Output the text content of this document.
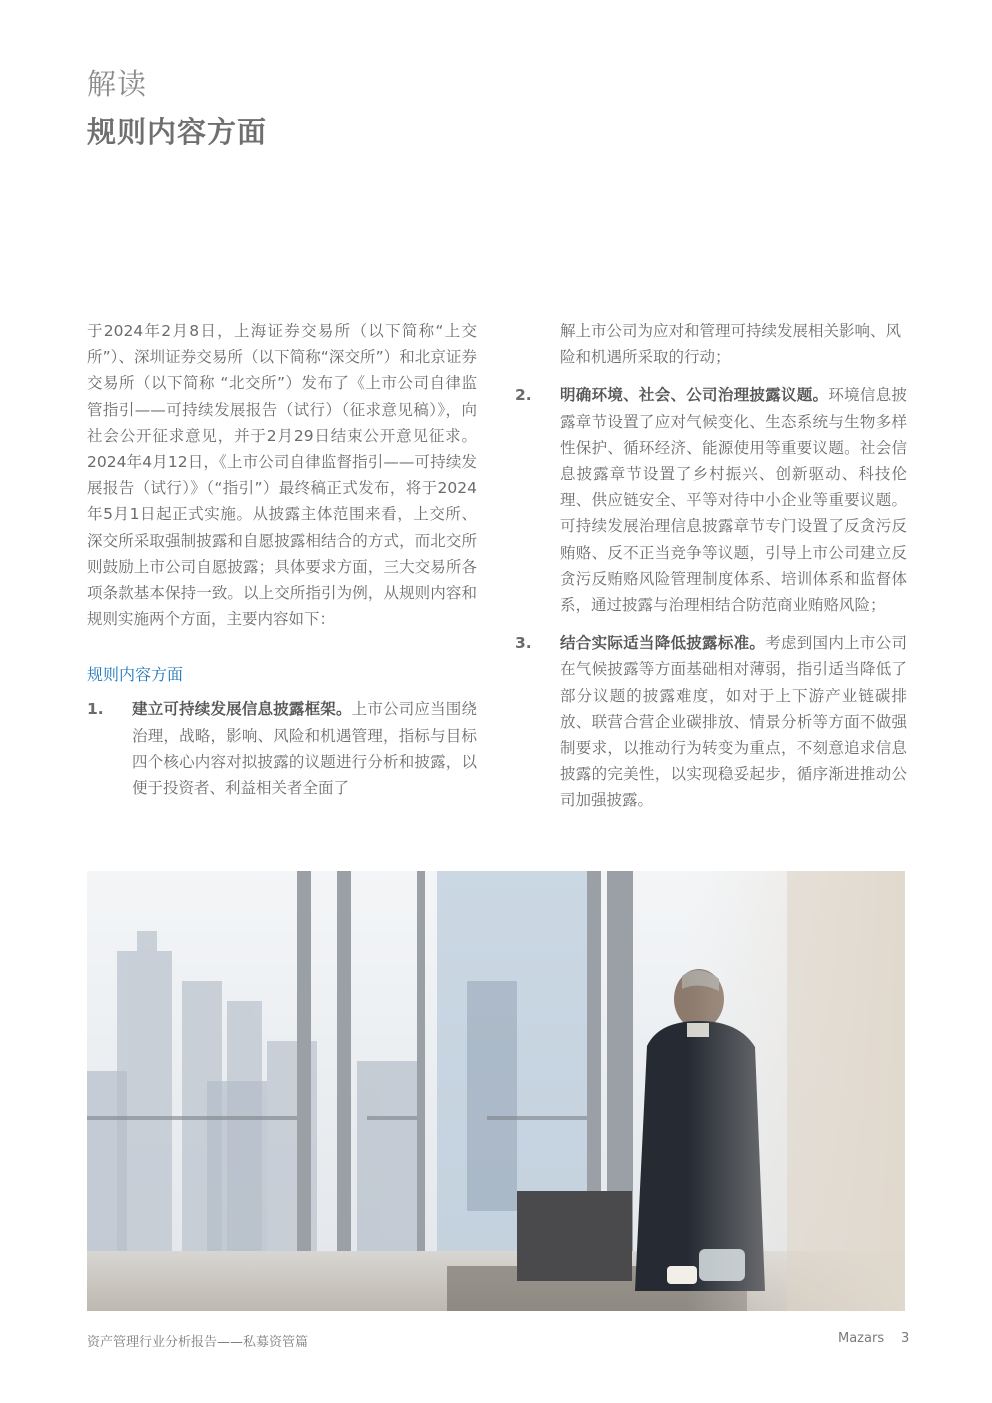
解读
规则内容方面

于2024年2月8日，上海证券交易所（以下简称“上交所”）、深圳证券交易所（以下简称“深交所”）和北京证券交易所（以下简称 “北交所”）发布了《上市公司自律监管指引——可持续发展报告（试行）（征求意见稿）》，向社会公开征求意见，并于2月29日结束公开意见征求。2024年4月12日，《上市公司自律监督指引——可持续发展报告（试行）》（“指引”）最终稿正式发布，将于2024年5月1日起正式实施。从披露主体范围来看，上交所、深交所采取强制披露和自愿披露相结合的方式，而北交所则鼓励上市公司自愿披露；具体要求方面，三大交易所各项条款基本保持一致。以上交所指引为例，从规则内容和规则实施两个方面，主要内容如下：

规则内容方面
1.	建立可持续发展信息披露框架。上市公司应当围绕治理，战略，影响、风险和机遇管理，指标与目标四个核心内容对拟披露的议题进行分析和披露，以便于投资者、利益相关者全面了

解上市公司为应对和管理可持续发展相关影响、风险和机遇所采取的行动；

2.	明确环境、社会、公司治理披露议题。环境信息披露章节设置了应对气候变化、生态系统与生物多样性保护、循环经济、能源使用等重要议题。社会信息披露章节设置了乡村振兴、创新驱动、科技伦理、供应链安全、平等对待中小企业等重要议题。可持续发展治理信息披露章节专门设置了反贪污反贿赂、反不正当竞争等议题，引导上市公司建立反贪污反贿赂风险管理制度体系、培训体系和监督体系，通过披露与治理相结合防范商业贿赂风险；
3.	结合实际适当降低披露标准。考虑到国内上市公司在气候披露等方面基础相对薄弱，指引适当降低了部分议题的披露难度，如对于上下游产业链碳排放、联营合营企业碳排放、情景分析等方面不做强制要求，以推动行为转变为重点，不刻意追求信息披露的完美性，以实现稳妥起步，循序渐进推动公司加强披露。
资产管理行业分析报告——私募资管篇	Mazars 3
